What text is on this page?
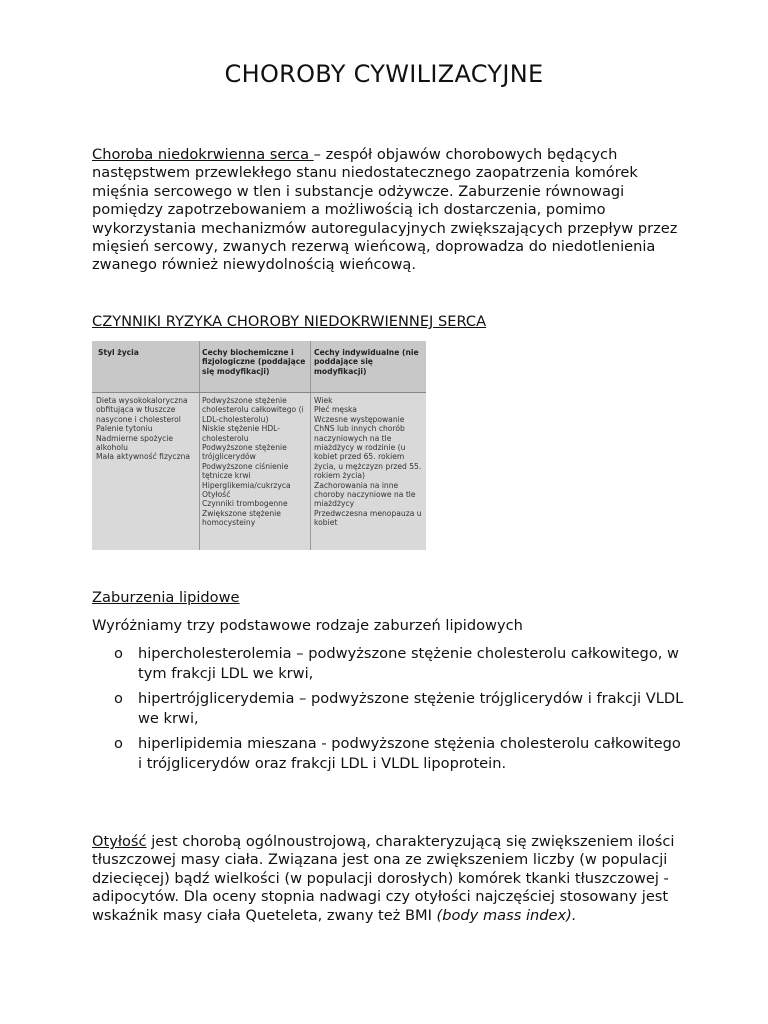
CHOROBY CYWILIZACYJNE
Choroba niedokrwienna serca – zespół objawów chorobowych będących następstwem przewlekłego stanu niedostatecznego zaopatrzenia komórek mięśnia sercowego w tlen i substancje odżywcze. Zaburzenie równowagi pomiędzy zapotrzebowaniem a możliwością ich dostarczenia, pomimo wykorzystania mechanizmów autoregulacyjnych zwiększających przepływ przez mięsień sercowy, zwanych rezerwą wieńcową, doprowadza do niedotlenienia zwanego również niewydolnością wieńcową.
CZYNNIKI RYZYKA CHOROBY NIEDOKRWIENNEJ SERCA
Styl życia	Cechy biochemiczne i fizjologiczne (poddające się modyfikacji)
Cechy indywidualne (nie poddające się modyfikacji)
Dieta wysokokaloryczna obfitująca w tłuszcze nasycone i cholesterol
Palenie tytoniu
Nadmierne spożycie alkoholu
Mała aktywność fizyczna
Podwyższone stężenie cholesterolu całkowitego (i LDL-cholesterolu)
Niskie stężenie HDL-cholesterolu
Podwyższone stężenie trójglicerydów
Podwyższone ciśnienie tętnicze krwi
Hiperglikemia/cukrzyca
Otyłość
Czynniki trombogenne
Zwiększone stężenie homocysteiny
Wiek
Płeć męska
Wczesne występowanie ChNS lub innych chorób naczyniowych na tle miażdżycy w rodzinie (u kobiet przed 65. rokiem życia, u mężczyzn przed 55. rokiem życia)
Zachorowania na inne choroby naczyniowe na tle miażdżycy
Przedwczesna menopauza u kobiet
Zaburzenia lipidowe
Wyróżniamy trzy podstawowe rodzaje zaburzeń lipidowych
o hipercholesterolemia – podwyższone stężenie cholesterolu całkowitego, w tym frakcji LDL we krwi,
o hipertrójglicerydemia – podwyższone stężenie trójglicerydów i frakcji VLDL we krwi,
o hiperlipidemia mieszana - podwyższone stężenia cholesterolu całkowitego
i trójglicerydów oraz frakcji LDL i VLDL lipoprotein.
Otyłość jest chorobą ogólnoustrojową, charakteryzującą się zwiększeniem ilości tłuszczowej masy ciała. Związana jest ona ze zwiększeniem liczby (w populacji dziecięcej) bądź wielkości (w populacji dorosłych) komórek tkanki tłuszczowej - adipocytów. Dla oceny stopnia nadwagi czy otyłości najczęściej stosowany jest wskaźnik masy ciała Queteleta, zwany też BMI (body mass index).
